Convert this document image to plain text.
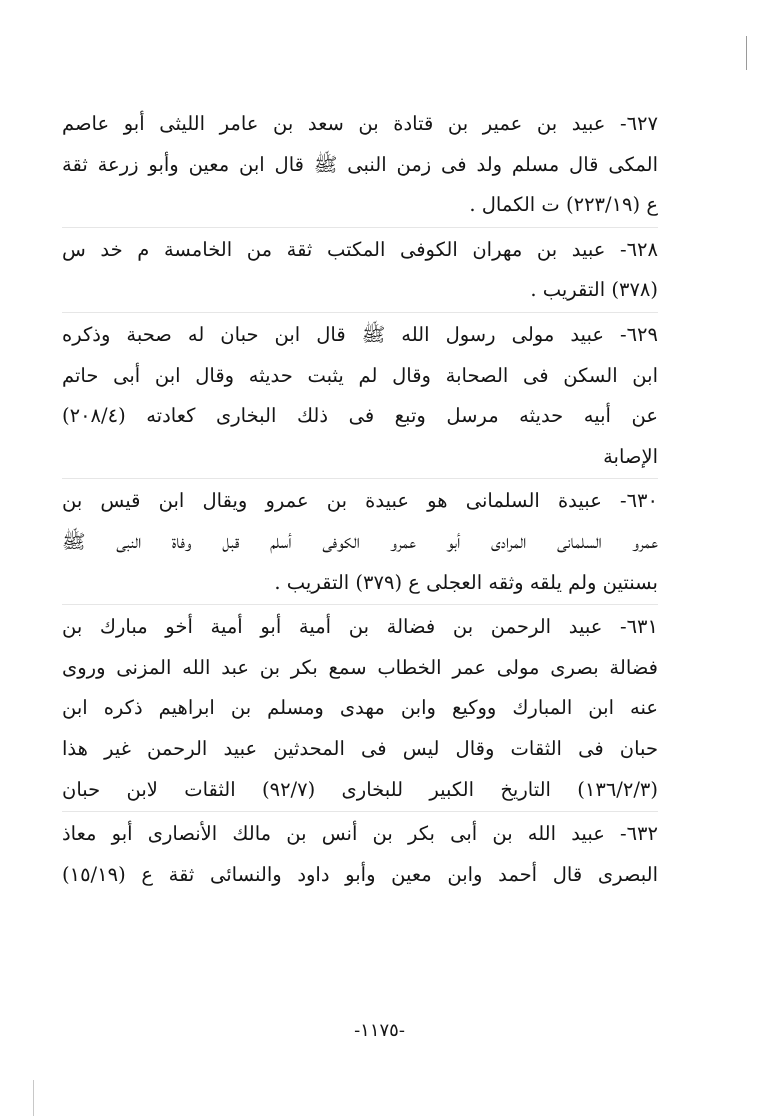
٦٢٧- عبيد بن عمير بن قتادة بن سعد بن عامر الليثى أبو عاصم
المكى قال مسلم ولد فى زمن النبى ﷺ قال ابن معين وأبو زرعة ثقة
ع (٢٢٣/١٩) ت الكمال .
٦٢٨- عبيد بن مهران الكوفى المكتب ثقة من الخامسة م خد س
(٣٧٨) التقريب .
٦٢٩- عبيد مولى رسول الله ﷺ قال ابن حبان له صحبة وذكره
ابن السكن فى الصحابة وقال لم يثبت حديثه وقال ابن أبى حاتم
عن أبيه حديثه مرسل وتبع فى ذلك البخارى كعادته (٢٠٨/٤)
الإصابة
٦٣٠- عبيدة السلمانى هو عبيدة بن عمرو ويقال ابن قيس بن
عمرو السلمانى المرادى أبو عمرو الكوفى أسلم قبل وفاة النبى ﷺ
بسنتين ولم يلقه وثقه العجلى ع (٣٧٩) التقريب .
٦٣١- عبيد الرحمن بن فضالة بن أمية أبو أمية أخو مبارك بن
فضالة بصرى مولى عمر الخطاب سمع بكر بن عبد الله المزنى وروى
عنه ابن المبارك ووكيع وابن مهدى ومسلم بن ابراهيم ذكره ابن
حبان فى الثقات وقال ليس فى المحدثين عبيد الرحمن غير هذا
(١٣٦/٢/٣) التاريخ الكبير للبخارى (٩٢/٧) الثقات لابن حبان
٦٣٢- عبيد الله بن أبى بكر بن أنس بن مالك الأنصارى أبو معاذ
البصرى قال أحمد وابن معين وأبو داود والنسائى ثقة ع (١٥/١٩)
-١١٧٥-
